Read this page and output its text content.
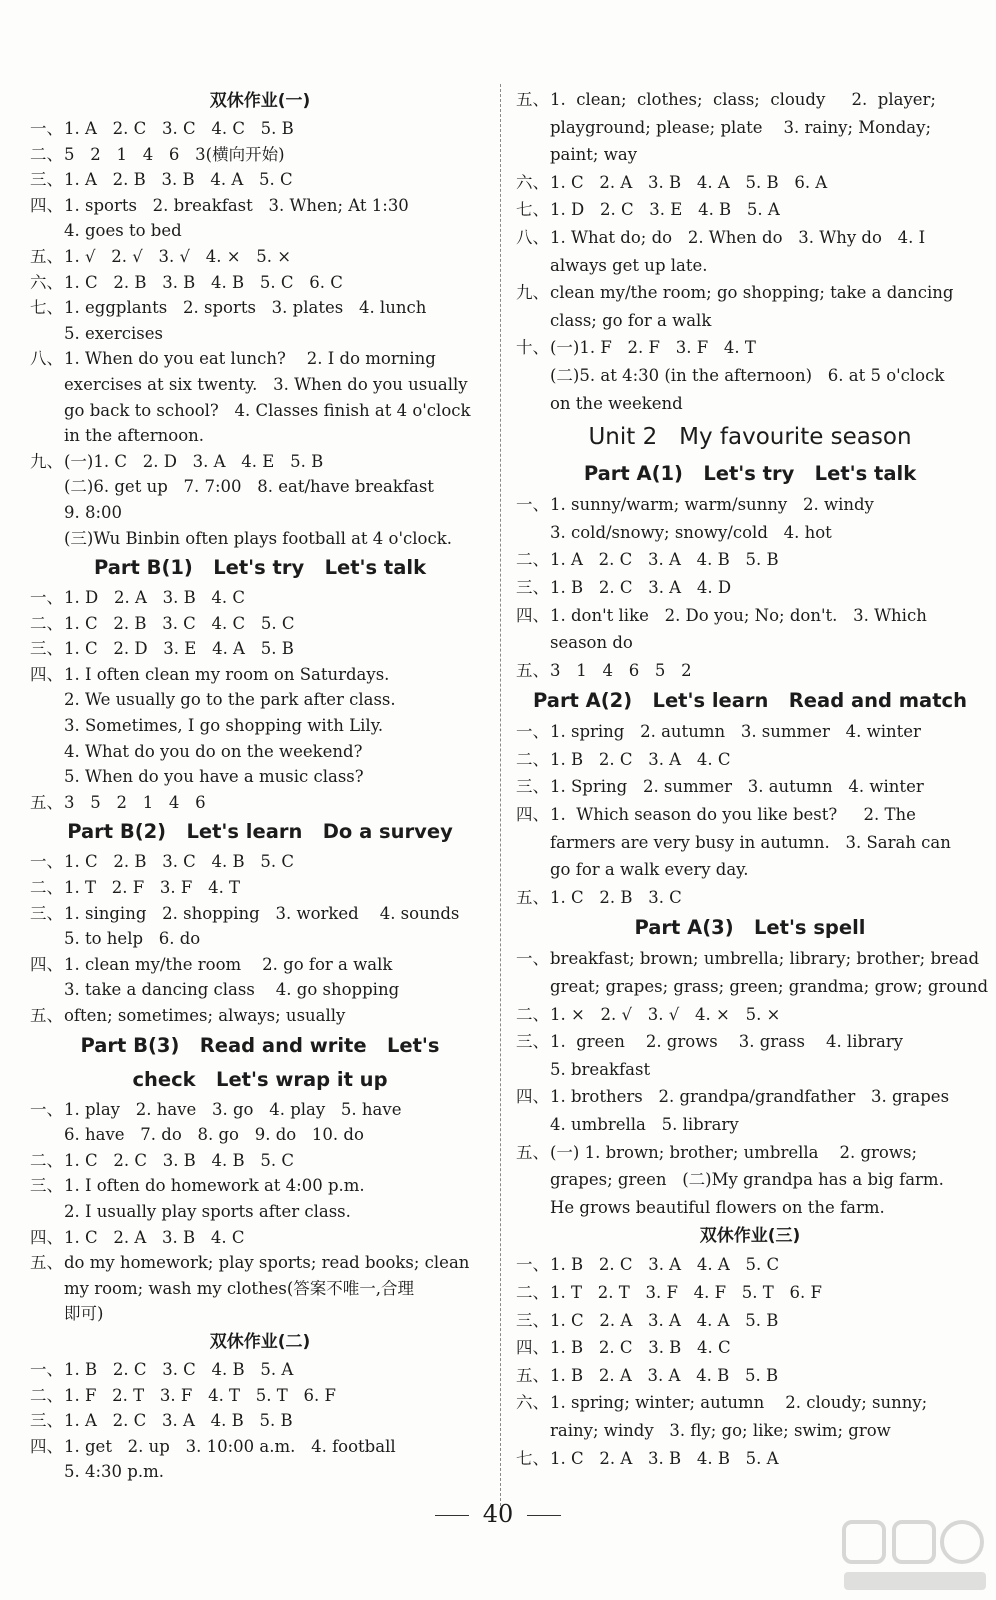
双休作业(一)
一、 1. A   2. C   3. C   4. C   5. B
二、 5   2   1   4   6   3(横向开始)
三、 1. A   2. B   3. B   4. A   5. C
四、 1. sports   2. breakfast   3. When; At 1:30
4. goes to bed
五、 1. √   2. √   3. √   4. ×   5. ×
六、 1. C   2. B   3. B   4. B   5. C   6. C
七、 1. eggplants   2. sports   3. plates   4. lunch
5. exercises
八、 1. When do you eat lunch?    2. I do morning
exercises at six twenty.   3. When do you usually
go back to school?   4. Classes finish at 4 o'clock
in the afternoon.
九、 (一)1. C   2. D   3. A   4. E   5. B
(二)6. get up   7. 7:00   8. eat/have breakfast
9. 8:00
(三)Wu Binbin often plays football at 4 o'clock.
Part B(1)   Let's try   Let's talk
一、 1. D   2. A   3. B   4. C
二、 1. C   2. B   3. C   4. C   5. C
三、 1. C   2. D   3. E   4. A   5. B
四、 1. I often clean my room on Saturdays.
2. We usually go to the park after class.
3. Sometimes, I go shopping with Lily.
4. What do you do on the weekend?
5. When do you have a music class?
五、 3   5   2   1   4   6
Part B(2)   Let's learn   Do a survey
一、 1. C   2. B   3. C   4. B   5. C
二、 1. T   2. F   3. F   4. T
三、 1. singing   2. shopping   3. worked    4. sounds
5. to help   6. do
四、 1. clean my/the room    2. go for a walk
3. take a dancing class    4. go shopping
五、 often; sometimes; always; usually
Part B(3)   Read and write   Let's
check   Let's wrap it up
一、 1. play   2. have   3. go   4. play   5. have
6. have   7. do   8. go   9. do   10. do
二、 1. C   2. C   3. B   4. B   5. C
三、 1. I often do homework at 4:00 p.m.
2. I usually play sports after class.
四、 1. C   2. A   3. B   4. C
五、 do my homework; play sports; read books; clean
my room; wash my clothes(答案不唯一,合理
即可)
双休作业(二)
一、 1. B   2. C   3. C   4. B   5. A
二、 1. F   2. T   3. F   4. T   5. T   6. F
三、 1. A   2. C   3. A   4. B   5. B
四、 1. get   2. up   3. 10:00 a.m.   4. football
5. 4:30 p.m.
五、 1.  clean;  clothes;  class;  cloudy     2.  player;
playground; please; plate    3. rainy; Monday;
paint; way
六、 1. C   2. A   3. B   4. A   5. B   6. A
七、 1. D   2. C   3. E   4. B   5. A
八、 1. What do; do   2. When do   3. Why do   4. I
always get up late.
九、 clean my/the room; go shopping; take a dancing
class; go for a walk
十、 (一)1. F   2. F   3. F   4. T
(二)5. at 4:30 (in the afternoon)   6. at 5 o'clock
on the weekend
Unit 2   My favourite season
Part A(1)   Let's try   Let's talk
一、 1. sunny/warm; warm/sunny   2. windy
3. cold/snowy; snowy/cold   4. hot
二、 1. A   2. C   3. A   4. B   5. B
三、 1. B   2. C   3. A   4. D
四、 1. don't like   2. Do you; No; don't.   3. Which
season do
五、 3   1   4   6   5   2
Part A(2)   Let's learn   Read and match
一、 1. spring   2. autumn   3. summer   4. winter
二、 1. B   2. C   3. A   4. C
三、 1. Spring   2. summer   3. autumn   4. winter
四、 1.  Which season do you like best?     2. The
farmers are very busy in autumn.   3. Sarah can
go for a walk every day.
五、 1. C   2. B   3. C
Part A(3)   Let's spell
一、 breakfast; brown; umbrella; library; brother; bread
great; grapes; grass; green; grandma; grow; ground
二、 1. ×   2. √   3. √   4. ×   5. ×
三、 1.  green    2. grows    3. grass    4. library
5. breakfast
四、 1. brothers   2. grandpa/grandfather   3. grapes
4. umbrella   5. library
五、 (一) 1. brown; brother; umbrella    2. grows;
grapes; green   (二)My grandpa has a big farm.
He grows beautiful flowers on the farm.
双休作业(三)
一、 1. B   2. C   3. A   4. A   5. C
二、 1. T   2. T   3. F   4. F   5. T   6. F
三、 1. C   2. A   3. A   4. A   5. B
四、 1. B   2. C   3. B   4. C
五、 1. B   2. A   3. A   4. B   5. B
六、 1. spring; winter; autumn    2. cloudy; sunny;
rainy; windy   3. fly; go; like; swim; grow
七、 1. C   2. A   3. B   4. B   5. A
40
